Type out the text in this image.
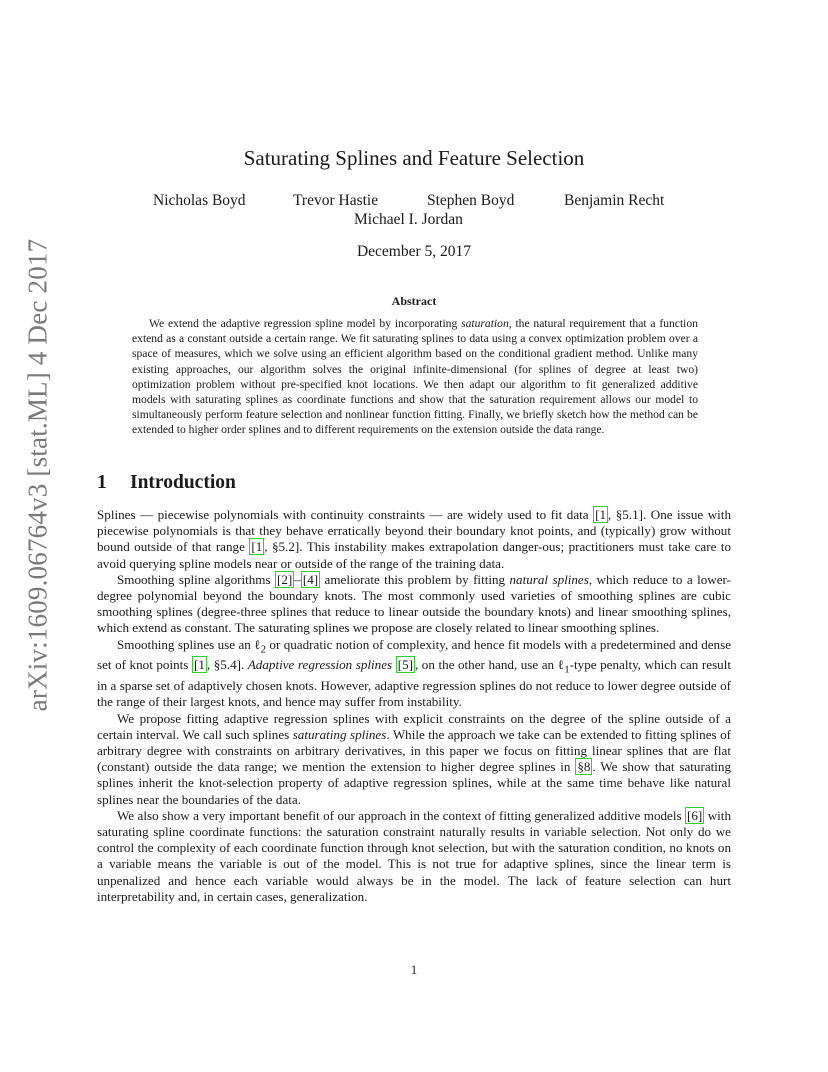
arXiv:1609.06764v3 [stat.ML] 4 Dec 2017
Saturating Splines and Feature Selection
Nicholas Boyd	Trevor Hastie	Stephen Boyd	Benjamin Recht
Michael I. Jordan
December 5, 2017
Abstract

We extend the adaptive regression spline model by incorporating saturation, the natural requirement that a function extend as a constant outside a certain range. We fit saturating splines to data using a convex optimization problem over a space of measures, which we solve using an efficient algorithm based on the conditional gradient method. Unlike many existing approaches, our algorithm solves the original infinite-dimensional (for splines of degree at least two) optimization problem without pre-specified knot locations. We then adapt our algorithm to fit generalized additive models with saturating splines as coordinate functions and show that the saturation requirement allows our model to simultaneously perform feature selection and nonlinear function fitting. Finally, we briefly sketch how the method can be extended to higher order splines and to different requirements on the extension outside the data range.

1 Introduction

Splines — piecewise polynomials with continuity constraints — are widely used to fit data [1 , §5.1]. One issue with piecewise polynomials is that they behave erratically beyond their boundary knot points, and (typically) grow without bound outside of that range [1 , §5.2]. This instability makes extrapolation danger-ous; practitioners must take care to avoid querying spline models near or outside of the range of the training data.

Smoothing spline algorithms [2] – [4] ameliorate this problem by fitting natural splines, which reduce to a lower-degree polynomial beyond the boundary knots. The most commonly used varieties of smoothing splines are cubic smoothing splines (degree-three splines that reduce to linear outside the boundary knots) and linear smoothing splines, which extend as constant. The saturating splines we propose are closely related to linear smoothing splines.

Smoothing splines use an ℓ$_2$ or quadratic notion of complexity, and hence fit models with a predetermined and dense set of knot points [1 , §5.4]. Adaptive regression splines [5] , on the other hand, use an ℓ$_1$-type penalty, which can result in a sparse set of adaptively chosen knots. However, adaptive regression splines do not reduce to lower degree outside of the range of their largest knots, and hence may suffer from instability.

We propose fitting adaptive regression splines with explicit constraints on the degree of the spline outside of a certain interval. We call such splines saturating splines. While the approach we take can be extended to fitting splines of arbitrary degree with constraints on arbitrary derivatives, in this paper we focus on fitting linear splines that are flat (constant) outside the data range; we mention the extension to higher degree splines in §8 . We show that saturating splines inherit the knot-selection property of adaptive regression splines, while at the same time behave like natural splines near the boundaries of the data.

We also show a very important benefit of our approach in the context of fitting generalized additive models [6] with saturating spline coordinate functions: the saturation constraint naturally results in variable selection. Not only do we control the complexity of each coordinate function through knot selection, but with the saturation condition, no knots on a variable means the variable is out of the model. This is not true for adaptive splines, since the linear term is unpenalized and hence each variable would always be in the model. The lack of feature selection can hurt interpretability and, in certain cases, generalization.

1
